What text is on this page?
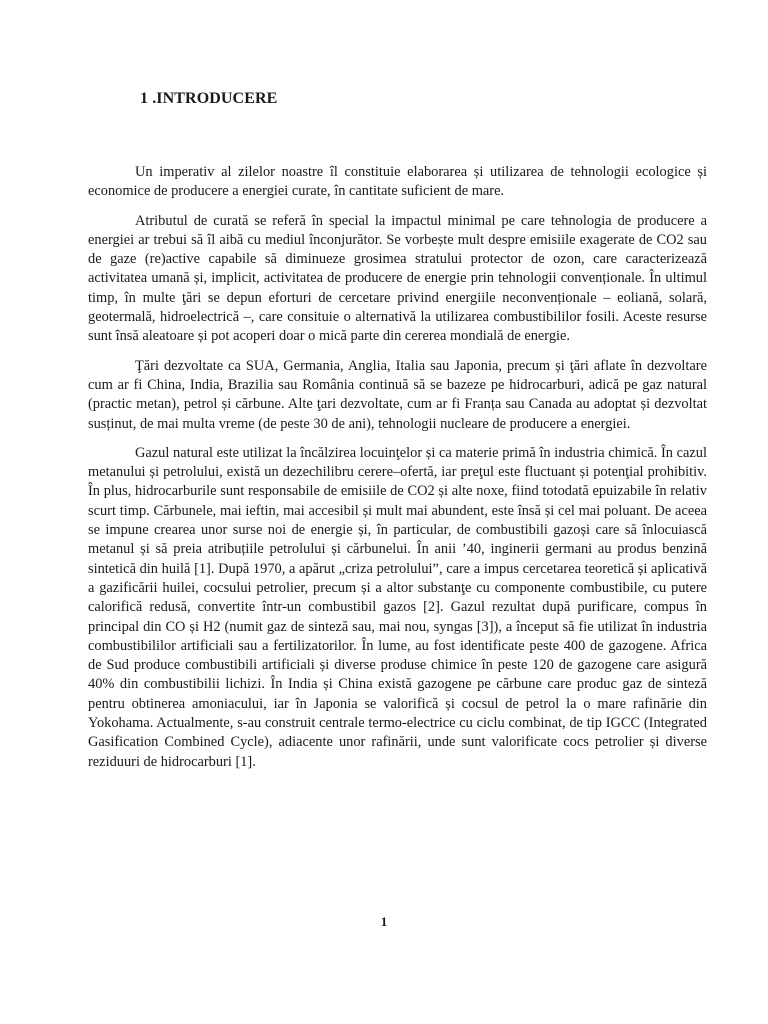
1 .INTRODUCERE

Un imperativ al zilelor noastre îl constituie elaborarea și utilizarea de tehnologii ecologice și economice de producere a energiei curate, în cantitate suficient de mare.

Atributul de curată se referă în special la impactul minimal pe care tehnologia de producere a energiei ar trebui să îl aibă cu mediul înconjurător. Se vorbește mult despre emisiile exagerate de CO2 sau de gaze (re)active capabile să diminueze grosimea stratului protector de ozon, care caracterizează activitatea umană și, implicit, activitatea de producere de energie prin tehnologii convenționale. În ultimul timp, în multe ţări se depun eforturi de cercetare privind energiile neconvenționale – eoliană, solară, geotermală, hidroelectrică –, care consituie o alternativă la utilizarea combustibililor fosili. Aceste resurse sunt însă aleatoare și pot acoperi doar o mică parte din cererea mondială de energie.

Ţări dezvoltate ca SUA, Germania, Anglia, Italia sau Japonia, precum și ţări aflate în dezvoltare cum ar fi China, India, Brazilia sau România continuă să se bazeze pe hidrocarburi, adică pe gaz natural (practic metan), petrol și cărbune. Alte ţari dezvoltate, cum ar fi Franța sau Canada au adoptat și dezvoltat susținut, de mai multa vreme (de peste 30 de ani), tehnologii nucleare de producere a energiei.

Gazul natural este utilizat la încălzirea locuinţelor și ca materie primă în industria chimică. În cazul metanului și petrolului, există un dezechilibru cerere–ofertă, iar preţul este fluctuant și potenţial prohibitiv. În plus, hidrocarburile sunt responsabile de emisiile de CO2 și alte noxe, fiind totodată epuizabile în relativ scurt timp. Cărbunele, mai ieftin, mai accesibil și mult mai abundent, este însă și cel mai poluant. De aceea se impune crearea unor surse noi de energie și, în particular, de combustibili gazoși care să înlocuiască metanul și să preia atribuțiile petrolului și cărbunelui. În anii ’40, inginerii germani au produs benzină sintetică din huilă [1]. După 1970, a apărut „criza petrolului”, care a impus cercetarea teoretică și aplicativă a gazificării huilei, cocsului petrolier, precum și a altor substanţe cu componente combustibile, cu putere calorifică redusă, convertite într-un combustibil gazos [2]. Gazul rezultat după purificare, compus în principal din CO și H2 (numit gaz de sinteză sau, mai nou, syngas [3]), a început să fie utilizat în industria combustibililor artificiali sau a fertilizatorilor. În lume, au fost identificate peste 400 de gazogene. Africa de Sud produce combustibili artificiali și diverse produse chimice în peste 120 de gazogene care asigură 40% din combustibilii lichizi. În India și China există gazogene pe cărbune care produc gaz de sinteză pentru obtinerea amoniacului, iar în Japonia se valorifică și cocsul de petrol la o mare rafinărie din Yokohama. Actualmente, s-au construit centrale termo-electrice cu ciclu combinat, de tip IGCC (Integrated Gasification Combined Cycle), adiacente unor rafinării, unde sunt valorificate cocs petrolier și diverse reziduuri de hidrocarburi [1].

1
